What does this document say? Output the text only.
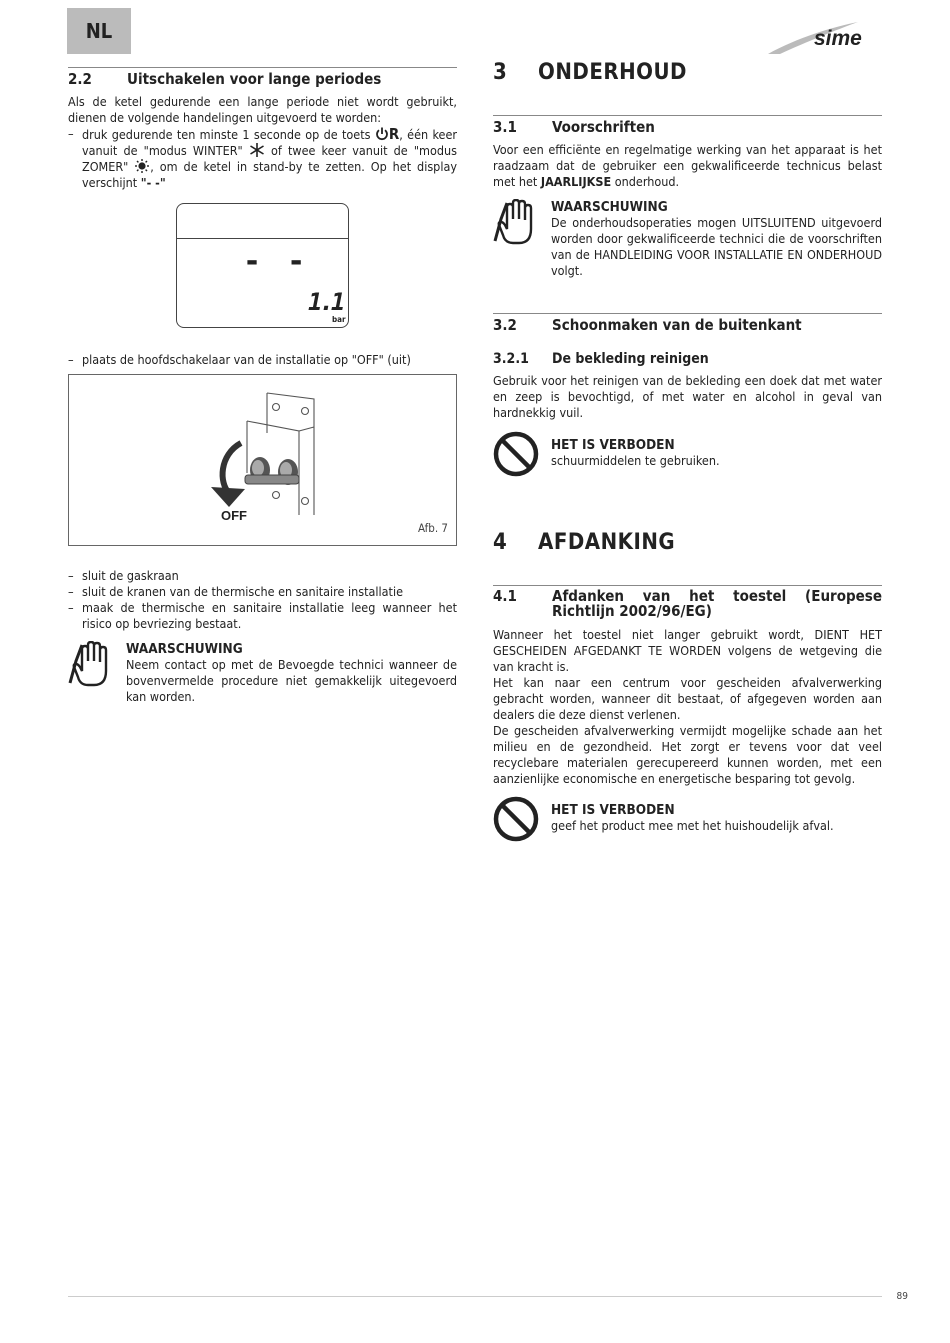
NL	sime
2.2	Uitschakelen voor lange periodes

Als de ketel gedurende een lange periode niet wordt gebruikt, dienen de volgende handelingen uitgevoerd te worden:

– druk gedurende ten minste 1 seconde op de toets R, één keer vanuit de "modus WINTER" of twee keer vanuit de "modus ZOMER" , om de ketel in stand-by te zetten. Op het display verschijnt "- -"
- -
1.1
bar
– plaats de hoofdschakelaar van de installatie op "OFF" (uit)
OFF
Afb. 7
– sluit de gaskraan
– sluit de kranen van de thermische en sanitaire installatie
– maak de thermische en sanitaire installatie leeg wanneer het risico op bevriezing bestaat.
WAARSCHUWING

Neem contact op met de Bevoegde technici wanneer de bovenvermelde procedure niet gemakkelijk uitegevoerd kan worden.

3	ONDERHOUD
3.1	Voorschriften

Voor een efficiënte en regelmatige werking van het apparaat is het raadzaam dat de gebruiker een gekwalificeerde technicus belast met het JAARLIJKSE onderhoud.

WAARSCHUWING

De onderhoudsoperaties mogen UITSLUITEND uitgevoerd worden door gekwalificeerde technici die de voorschriften van de HANDLEIDING VOOR INSTALLATIE EN ONDERHOUD volgt.

3.2	Schoonmaken van de buitenkant
3.2.1	De bekleding reinigen

Gebruik voor het reinigen van de bekleding een doek dat met water en zeep is bevochtigd, of met water en alcohol in geval van hardnekkig vuil.

HET IS VERBODEN

schuurmiddelen te gebruiken.

4	AFDANKING
4.1	Afdanken van het toestel (Europese Richtlijn 2002/96/EG)

Wanneer het toestel niet langer gebruikt wordt, DIENT HET GESCHEIDEN AFGEDANKT TE WORDEN volgens de wetgeving die van kracht is.

Het kan naar een centrum voor gescheiden afvalverwerking gebracht worden, wanneer dit bestaat, of afgegeven worden aan dealers die deze dienst verlenen.

De gescheiden afvalverwerking vermijdt mogelijke schade aan het milieu en de gezondheid. Het zorgt er tevens voor dat veel recyclebare materialen gerecupereerd kunnen worden, met een aanzienlijke economische en energetische besparing tot gevolg.

HET IS VERBODEN

geef het product mee met het huishoudelijk afval.

89
